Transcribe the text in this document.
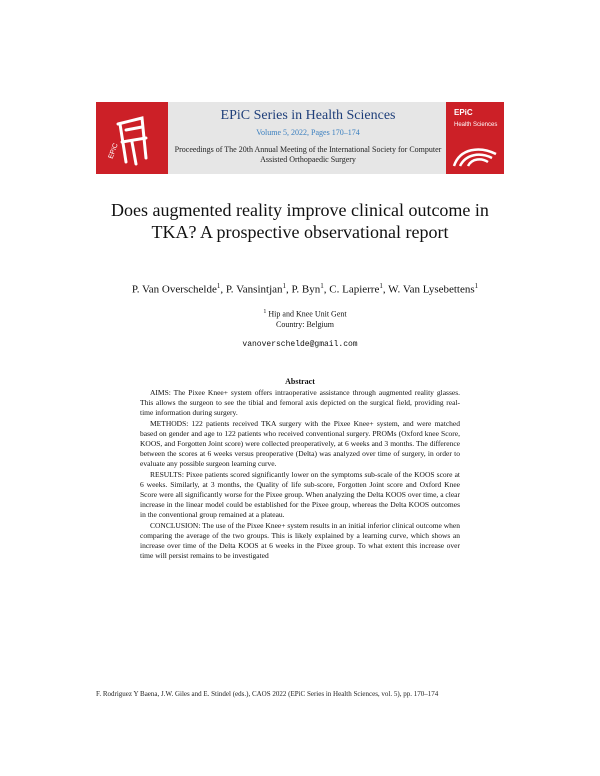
EPiC
EPiC
Health Sciences
EPiC Series in Health Sciences
Volume 5, 2022, Pages 170–174
Proceedings of The 20th Annual Meeting of the International Society for Computer Assisted Orthopaedic Surgery
Does augmented reality improve clinical outcome in TKA? A prospective observational report
P. Van Overschelde$^1$, P. Vansintjan$^1$, P. Byn$^1$, C. Lapierre$^1$, W. Van Lysebettens$^1$
$^1$ Hip and Knee Unit Gent
Country: Belgium
vanoverschelde@gmail.com
Abstract

AIMS: The Pixee Knee+ system offers intraoperative assistance through augmented reality glasses. This allows the surgeon to see the tibial and femoral axis depicted on the surgical field, providing real-time information during surgery.

METHODS: 122 patients received TKA surgery with the Pixee Knee+ system, and were matched based on gender and age to 122 patients who received conventional surgery. PROMs (Oxford knee Score, KOOS, and Forgotten Joint score) were collected preoperatively, at 6 weeks and 3 months. The difference between the scores at 6 weeks versus preoperative (Delta) was analyzed over time of surgery, in order to evaluate any possible surgeon learning curve.

RESULTS: Pixee patients scored significantly lower on the symptoms sub-scale of the KOOS score at 6 weeks. Similarly, at 3 months, the Quality of life sub-score, Forgotten Joint score and Oxford Knee Score were all significantly worse for the Pixee group. When analyzing the Delta KOOS over time, a clear increase in the linear model could be established for the Pixee group, whereas the Delta KOOS outcomes in the conventional group remained at a plateau.

CONCLUSION: The use of the Pixee Knee+ system results in an initial inferior clinical outcome when comparing the average of the two groups. This is likely explained by a learning curve, which shows an increase over time of the Delta KOOS at 6 weeks in the Pixee group. To what extent this increase over time will persist remains to be investigated

F. Rodriguez Y Baena, J.W. Giles and E. Stindel (eds.), CAOS 2022 (EPiC Series in Health Sciences, vol. 5), pp. 170–174
